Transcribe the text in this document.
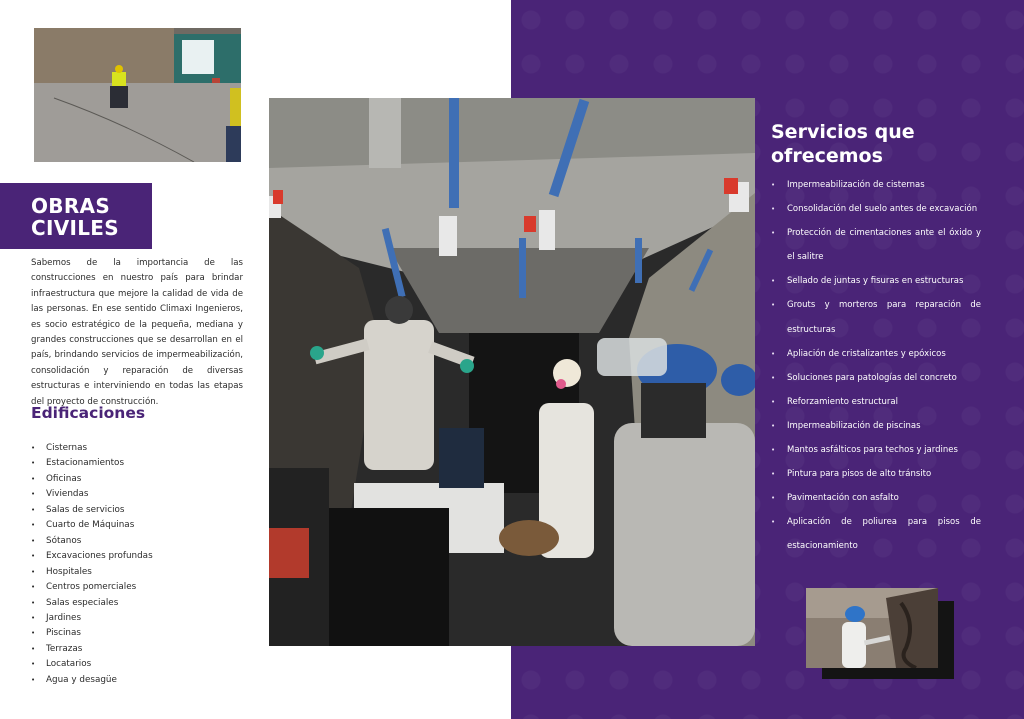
OBRAS
CIVILES

Sabemos de la importancia de las construcciones en nuestro país para brindar infraestructura que mejore la calidad de vida de las personas. En ese sentido Climaxi Ingenieros, es socio estratégico de la pequeña, mediana y grandes construcciones que se desarrollan en el país, brindando servicios de impermeabilización, consolidación y reparación de diversas estructuras e interviniendo en todas las etapas del proyecto de construcción.

Edificaciones
• Cisternas
• Estacionamientos
• Oficinas
• Viviendas
• Salas de servicios
• Cuarto de Máquinas
• Sótanos
• Excavaciones profundas
• Hospitales
• Centros pomerciales
• Salas especiales
• Jardines
• Piscinas
• Terrazas
• Locatarios
• Agua y desagüe
Servicios que
ofrecemos
• Impermeabilización de cisternas
• Consolidación del suelo antes de excavación
• Protección de cimentaciones ante el óxido y el salitre
• Sellado de juntas y fisuras en estructuras
• Grouts y morteros para reparación de estructuras
• Apliación de cristalizantes y epóxicos
• Soluciones para patologías del concreto
• Reforzamiento estructural
• Impermeabilización de piscinas
• Mantos asfálticos para techos y jardines
• Pintura para pisos de alto tránsito
• Pavimentación con asfalto
• Aplicación de poliurea para pisos de estacionamiento
